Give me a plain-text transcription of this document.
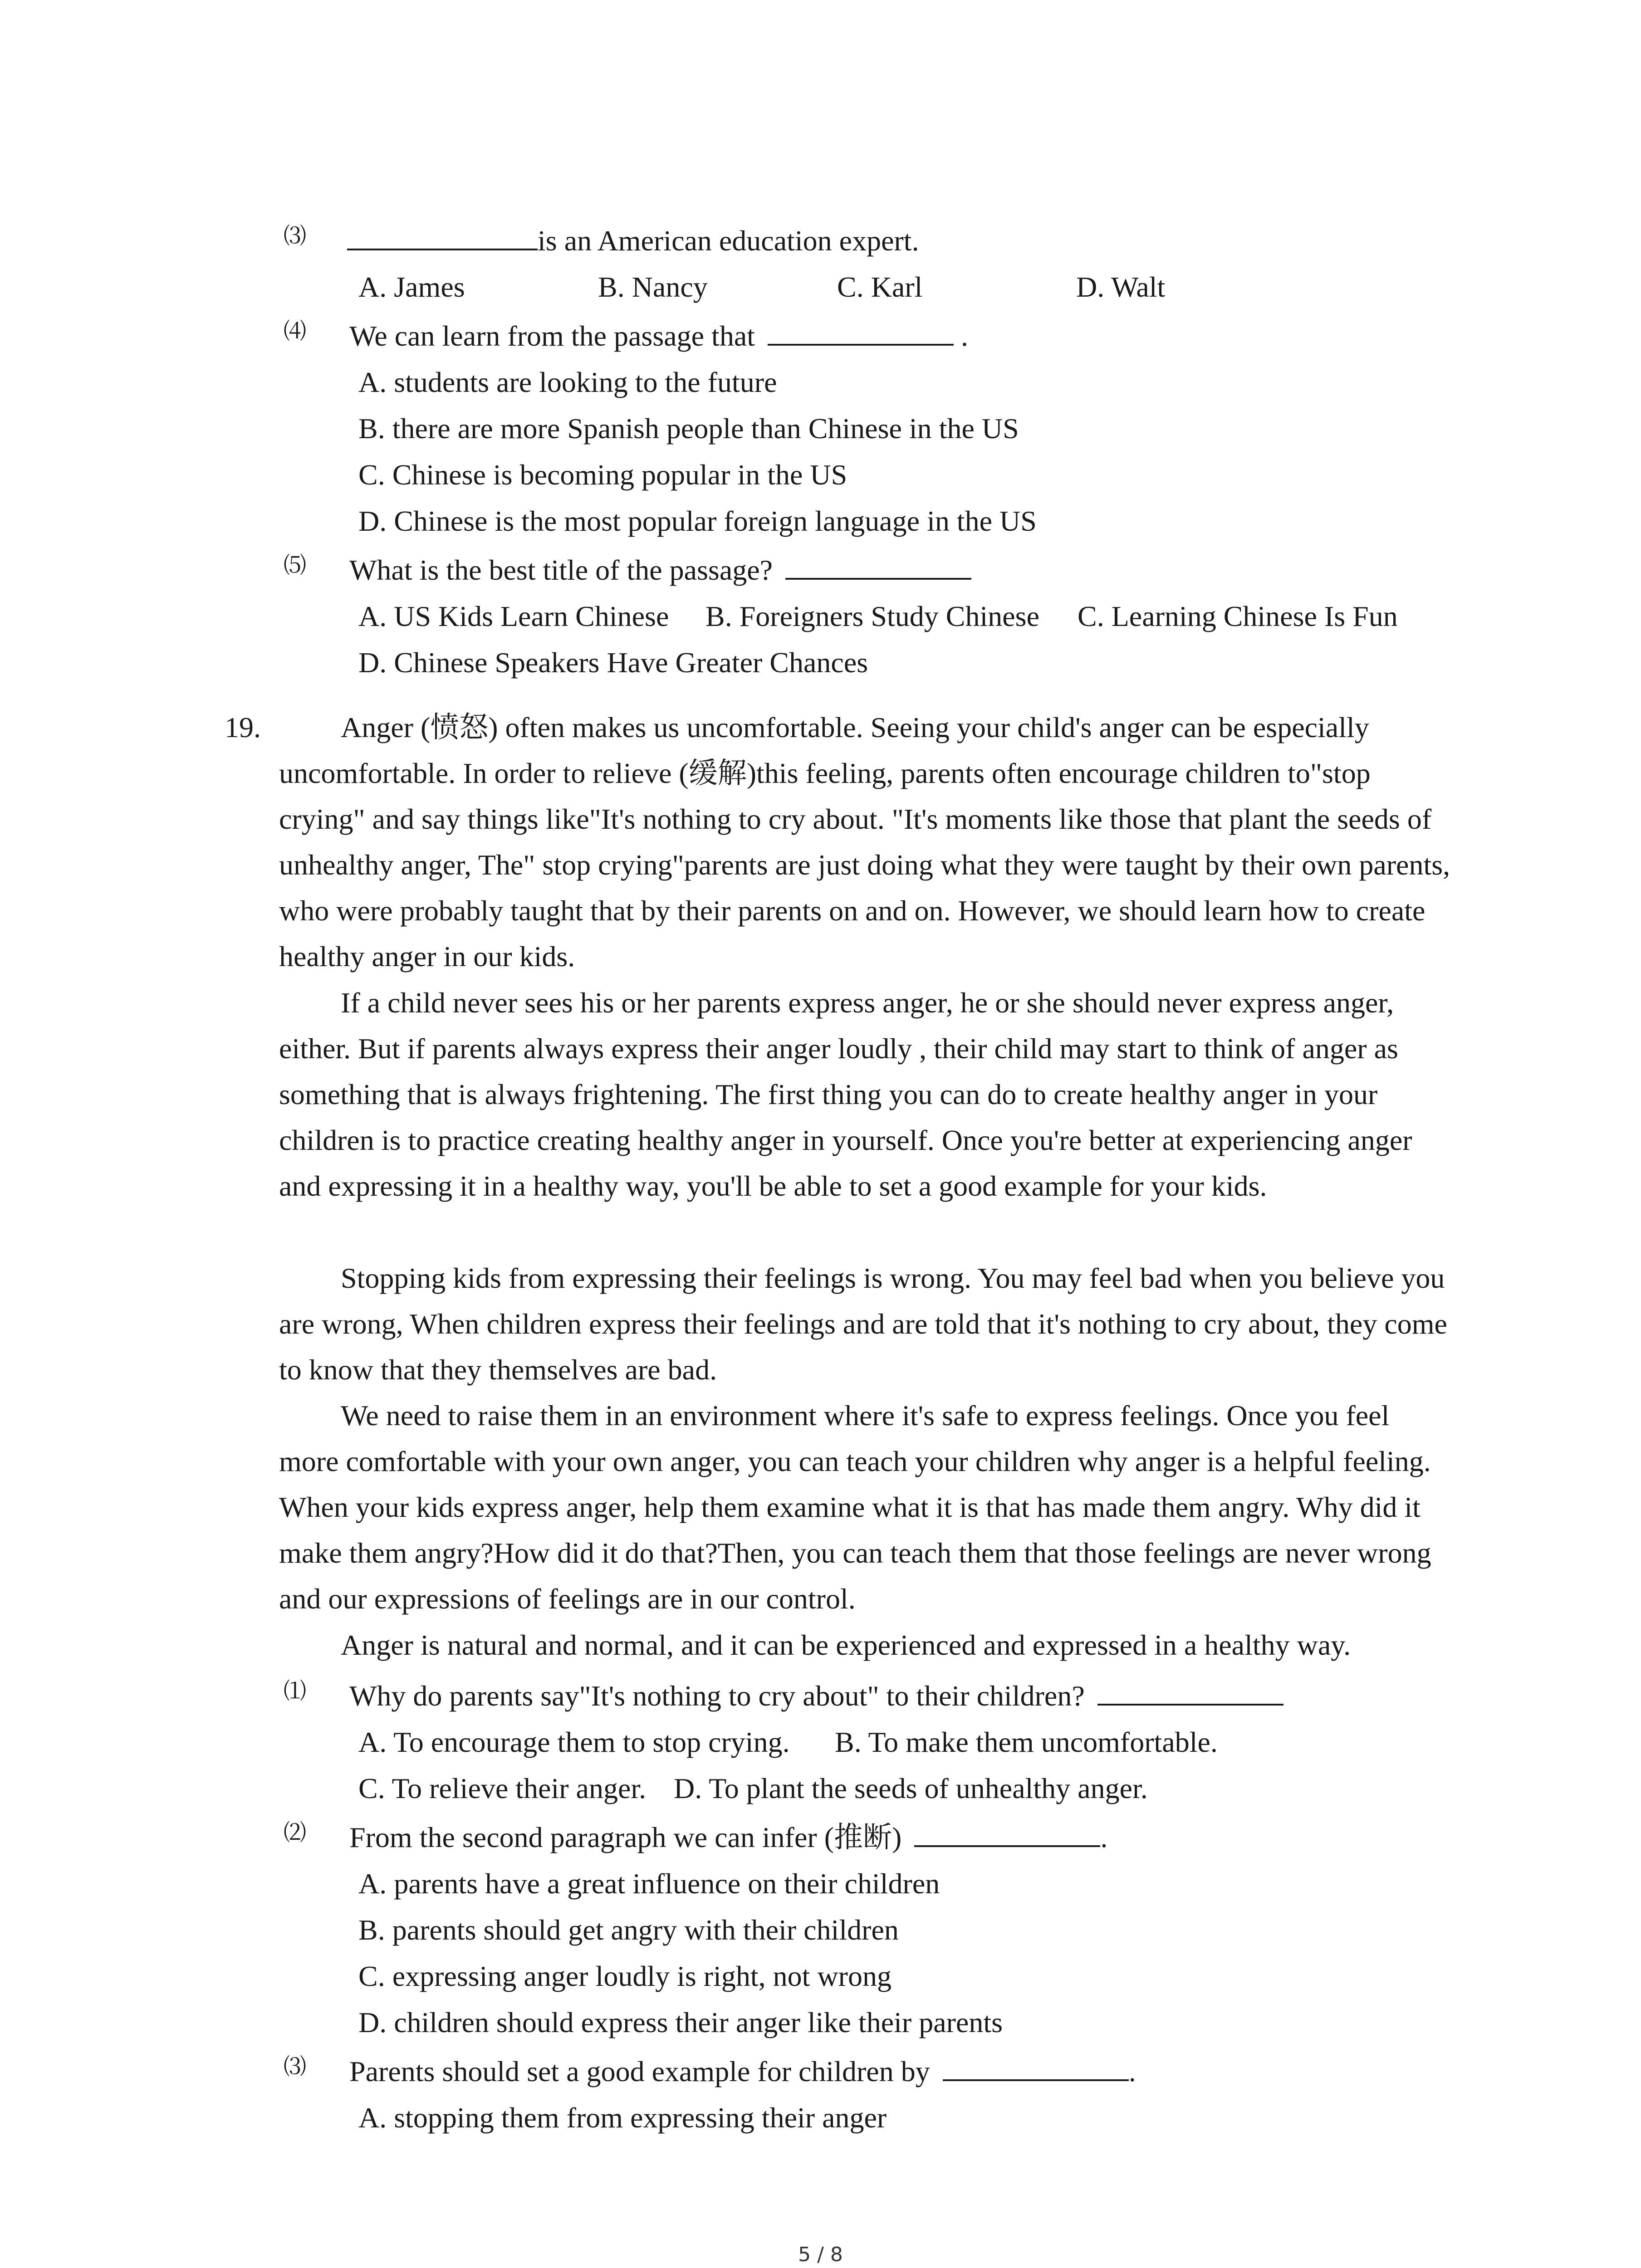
⑶	is an American education expert.
A. James	B. Nancy	C. Karl	D. Walt
⑷ We can learn from the passage that	.
A. students are looking to the future
B. there are more Spanish people than Chinese in the US
C. Chinese is becoming popular in the US
D. Chinese is the most popular foreign language in the US
⑸ What is the best title of the passage?
A. US Kids Learn Chinese B. Foreigners Study Chinese C. Learning Chinese Is Fun
D. Chinese Speakers Have Greater Chances
19.	Anger (愤怒) often makes us uncomfortable. Seeing your child's anger can be especially uncomfortable. In order to relieve (缓解)this feeling, parents often encourage children to"stop crying" and say things like"It's nothing to cry about. "It's moments like those that plant the seeds of unhealthy anger, The" stop crying"parents are just doing what they were taught by their own parents, who were probably taught that by their parents on and on. However, we should learn how to create healthy anger in our kids.
If a child never sees his or her parents express anger, he or she should never express anger, either. But if parents always express their anger loudly , their child may start to think of anger as something that is always frightening. The first thing you can do to create healthy anger in your children is to practice creating healthy anger in yourself. Once you're better at experiencing anger and expressing it in a healthy way, you'll be able to set a good example for your kids.
Stopping kids from expressing their feelings is wrong. You may feel bad when you believe you are wrong, When children express their feelings and are told that it's nothing to cry about, they come to know that they themselves are bad.
We need to raise them in an environment where it's safe to express feelings. Once you feel more comfortable with your own anger, you can teach your children why anger is a helpful feeling. When your kids express anger, help them examine what it is that has made them angry. Why did it make them angry?How did it do that?Then, you can teach them that those feelings are never wrong and our expressions of feelings are in our control.
Anger is natural and normal, and it can be experienced and expressed in a healthy way.
⑴ Why do parents say"It's nothing to cry about" to their children?
A. To encourage them to stop crying. B. To make them uncomfortable.
C. To relieve their anger. D. To plant the seeds of unhealthy anger.
⑵ From the second paragraph we can infer (推断)	.
A. parents have a great influence on their children
B. parents should get angry with their children
C. expressing anger loudly is right, not wrong
D. children should express their anger like their parents
⑶ Parents should set a good example for children by	.
A. stopping them from expressing their anger
5 / 8
